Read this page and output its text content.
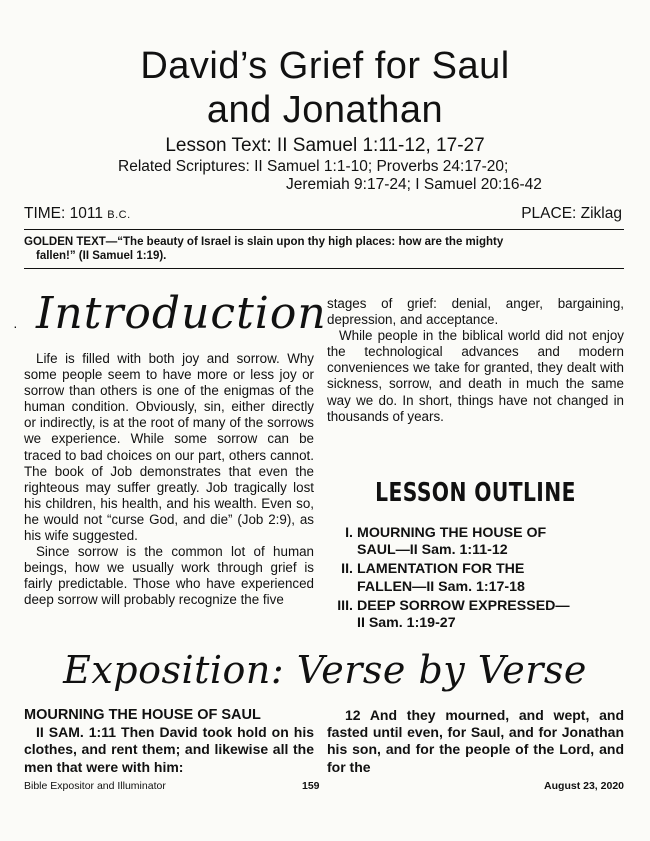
David’s Grief for Saul
and Jonathan
Lesson Text: II Samuel 1:11-12, 17-27
Related Scriptures: II Samuel 1:1-10; Proverbs 24:17-20;
Jeremiah 9:17-24; I Samuel 20:16-42
TIME: 1011 B.C.	PLACE: Ziklag
GOLDEN TEXT—“The beauty of Israel is slain upon thy high places: how are the mighty
fallen!” (II Samuel 1:19).
· Introduction

Life is filled with both joy and sorrow. Why some people seem to have more or less joy or sorrow than others is one of the enigmas of the human condition. Obviously, sin, either directly or indirectly, is at the root of many of the sorrows we experience. While some sorrow can be traced to bad choices on our part, others cannot. The book of Job demonstrates that even the righteous may suffer greatly. Job tragically lost his children, his health, and his wealth. Even so, he would not “curse God, and die” (Job 2:9), as his wife suggested.

Since sorrow is the common lot of human beings, how we usually work through grief is fairly predictable. Those who have experienced deep sorrow will probably recognize the five

stages of grief: denial, anger, bargaining, depression, and acceptance.

While people in the biblical world did not enjoy the technological advances and modern conveniences we take for granted, they dealt with sickness, sorrow, and death in much the same way we do. In short, things have not changed in thousands of years.

LESSON OUTLINE
I. MOURNING THE HOUSE OF
SAUL—II Sam. 1:11-12
II. LAMENTATION FOR THE
FALLEN—II Sam. 1:17-18
III. DEEP SORROW EXPRESSED—
II Sam. 1:19-27
Exposition: Verse by Verse
MOURNING THE HOUSE OF SAUL

II SAM. 1:11 Then David took hold on his clothes, and rent them; and likewise all the men that were with him:

12 And they mourned, and wept, and fasted until even, for Saul, and for Jonathan his son, and for the people of the Lord, and for the

Bible Expositor and Illuminator	159	August 23, 2020
